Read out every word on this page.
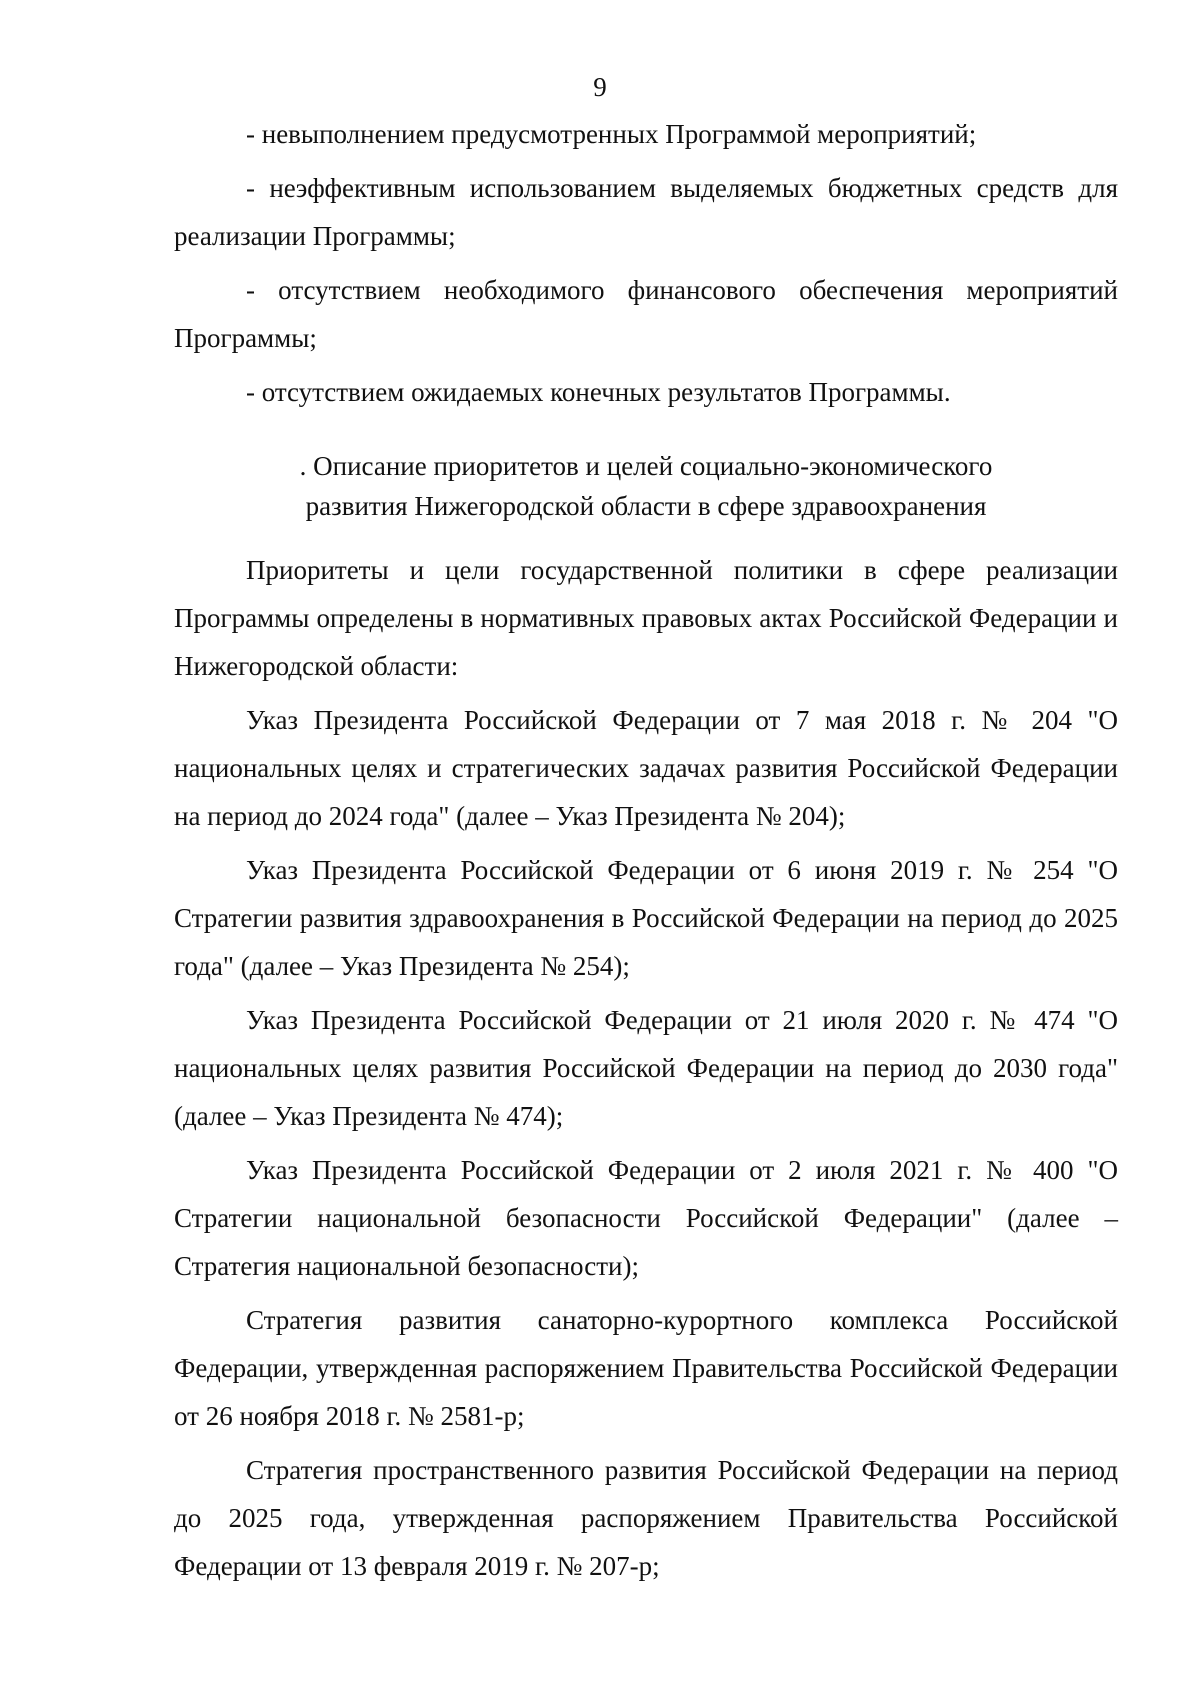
9

- невыполнением предусмотренных Программой мероприятий;

- неэффективным использованием выделяемых бюджетных средств для реализации Программы;

- отсутствием необходимого финансового обеспечения мероприятий Программы;

- отсутствием ожидаемых конечных результатов Программы.

. Описание приоритетов и целей социально-экономического
развития Нижегородской области в сфере здравоохранения

Приоритеты и цели государственной политики в сфере реализации Программы определены в нормативных правовых актах Российской Федерации и Нижегородской области:

Указ Президента Российской Федерации от 7 мая 2018 г. № 204 "О национальных целях и стратегических задачах развития Российской Федерации на период до 2024 года" (далее – Указ Президента № 204);

Указ Президента Российской Федерации от 6 июня 2019 г. № 254 "О Стратегии развития здравоохранения в Российской Федерации на период до 2025 года" (далее – Указ Президента № 254);

Указ Президента Российской Федерации от 21 июля 2020 г. № 474 "О национальных целях развития Российской Федерации на период до 2030 года" (далее – Указ Президента № 474);

Указ Президента Российской Федерации от 2 июля 2021 г. № 400 "О Стратегии национальной безопасности Российской Федерации" (далее – Стратегия национальной безопасности);

Стратегия развития санаторно-курортного комплекса Российской Федерации, утвержденная распоряжением Правительства Российской Федерации от 26 ноября 2018 г. № 2581-р;

Стратегия пространственного развития Российской Федерации на период до 2025 года, утвержденная распоряжением Правительства Российской Федерации от 13 февраля 2019 г. № 207-р;
